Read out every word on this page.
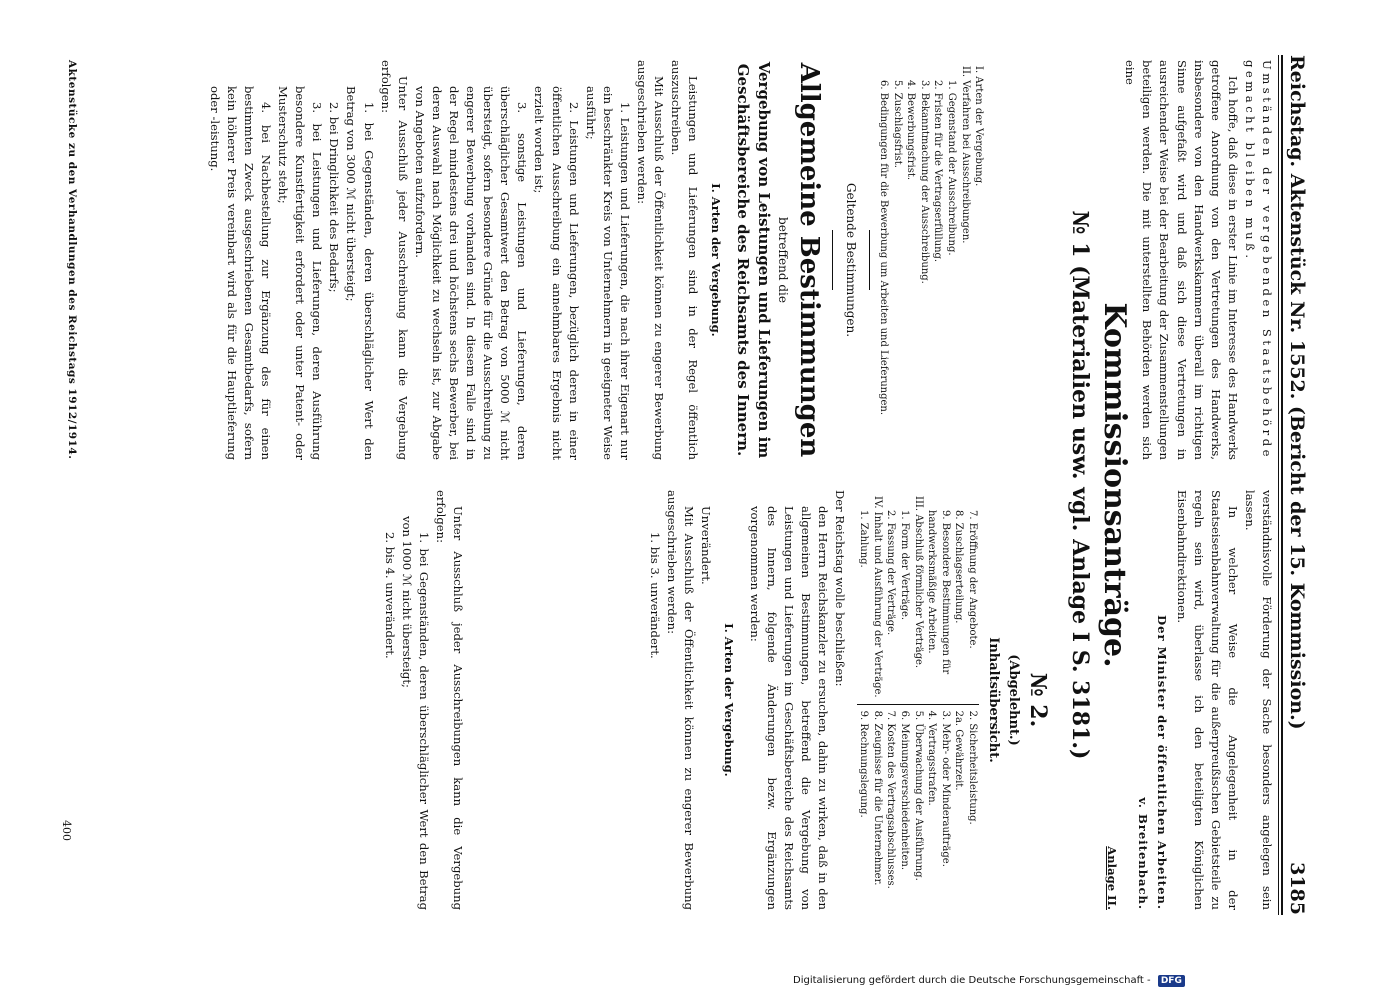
Reichstag. Aktenstück Nr. 1552. (Bericht der 15. Kommission.)
3185

Umständen der vergebenden Staatsbehörde gemacht bleiben muß.

Ich hoffe, daß diese in erster Linie im Interesse des Handwerks getroffene Anordnung von den Vertretungen des Handwerks, insbesondere von den Handwerkskammern überall im richtigen Sinne aufgefaßt wird und daß sich diese Vertretungen in ausreichender Weise bei der Bearbeitung der Zusammenstellungen beteiligen werden. Die mit unterstellten Behörden werden sich eine

I. Arten der Vergebung.
II. Verfahren bei Ausschreibungen.
1. Gegenstand der Ausschreibung.
2. Fristen für die Vertragserfüllung.
3. Bekanntmachung der Ausschreibung.
4. Bewerbungsfrist.
5. Zuschlagsfrist.
6. Bedingungen für die Bewerbung um Arbeiten und Lieferungen.
Geltende Bestimmungen.
Allgemeine Bestimmungen
betreffend die
Vergebung von Leistungen und Lieferungen im Geschäftsbereiche des Reichsamts des Innern.
I. Arten der Vergebung.

Leistungen und Lieferungen sind in der Regel öffentlich auszuschreiben.

Mit Ausschluß der Öffentlichkeit können zu engerer Bewerbung ausgeschrieben werden:

1. Leistungen und Lieferungen, die nach ihrer Eigenart nur ein beschränkter Kreis von Unternehmern in geeigneter Weise ausführt;

2. Leistungen und Lieferungen, bezüglich deren in einer öffentlichen Ausschreibung ein annehmbares Ergebnis nicht erzielt worden ist;

3. sonstige Leistungen und Lieferungen, deren überschläglicher Gesamtwert den Betrag von 5000 ℳ nicht übersteigt, sofern besondere Gründe für die Ausschreibung zu engerer Bewerbung vorhanden sind. In diesem Falle sind in der Regel mindestens drei und höchstens sechs Bewerber, bei deren Auswahl nach Möglichkeit zu wechseln ist, zur Abgabe von Angeboten aufzufordern.

Unter Ausschluß jeder Ausschreibung kann die Vergebung erfolgen:

1. bei Gegenständen, deren überschläglicher Wert den Betrag von 3000 ℳ nicht übersteigt;

2. bei Dringlichkeit des Bedarfs;

3. bei Leistungen und Lieferungen, deren Ausführung besondere Kunstfertigkeit erfordert oder unter Patent- oder Musterschutz steht;

4. bei Nachbestellung zur Ergänzung des für einen bestimmten Zweck ausgeschriebenen Gesamtbedarfs, sofern kein höherer Preis vereinbart wird als für die Hauptlieferung oder -leistung.

verständnisvolle Förderung der Sache besonders angelegen sein lassen.

In welcher Weise die Angelegenheit in der Staatseisenbahnverwaltung für die außerpreußischen Gebietsteile zu regeln sein wird, überlasse ich den beteiligten Königlichen Eisenbahndirektionen.

Der Minister der öffentlichen Arbeiten.
v. Breitenbach.
Anlage II.
Kommissionsanträge.
№ 1 (Materialien usw. vgl. Anlage I S. 3181.)
№ 2.
(Abgelehnt.)
Inhaltsübersicht.
7. Eröffnung der Angebote.
8. Zuschlagserteilung.
9. Besondere Bestimmungen für handwerksmäßige Arbeiten.
III. Abschluß förmlicher Verträge.
1. Form der Verträge.
2. Fassung der Verträge.
IV. Inhalt und Ausführung der Verträge.
1. Zahlung.
2. Sicherheitsleistung.
2a. Gewährzeit.
3. Mehr- oder Minderaufträge.
4. Vertragsstrafen.
5. Überwachung der Ausführung.
6. Meinungsverschiedenheiten.
7. Kosten des Vertragsabschlusses.
8. Zeugnisse für die Unternehmer.
9. Rechnungslegung.

Der Reichstag wolle beschließen:

den Herrn Reichskanzler zu ersuchen, dahin zu wirken, daß in den allgemeinen Bestimmungen, betreffend die Vergebung von Leistungen und Lieferungen im Geschäftsbereiche des Reichsamts des Innern, folgende Änderungen bezw. Ergänzungen vorgenommen werden:

I. Arten der Vergebung.

Unverändert.

Mit Ausschluß der Öffentlichkeit können zu engerer Bewerbung ausgeschrieben werden:

1. bis 3. unverändert.

Unter Ausschluß jeder Ausschreibungen kann die Vergebung erfolgen:

1. bei Gegenständen, deren überschläglicher Wert den Betrag von 1000 ℳ nicht übersteigt;

2. bis 4. unverändert.

Aktenstücke zu den Verhandlungen des Reichstags 1912/1914.
400
Digitalisierung gefördert durch die Deutsche Forschungsgemeinschaft - DFG
